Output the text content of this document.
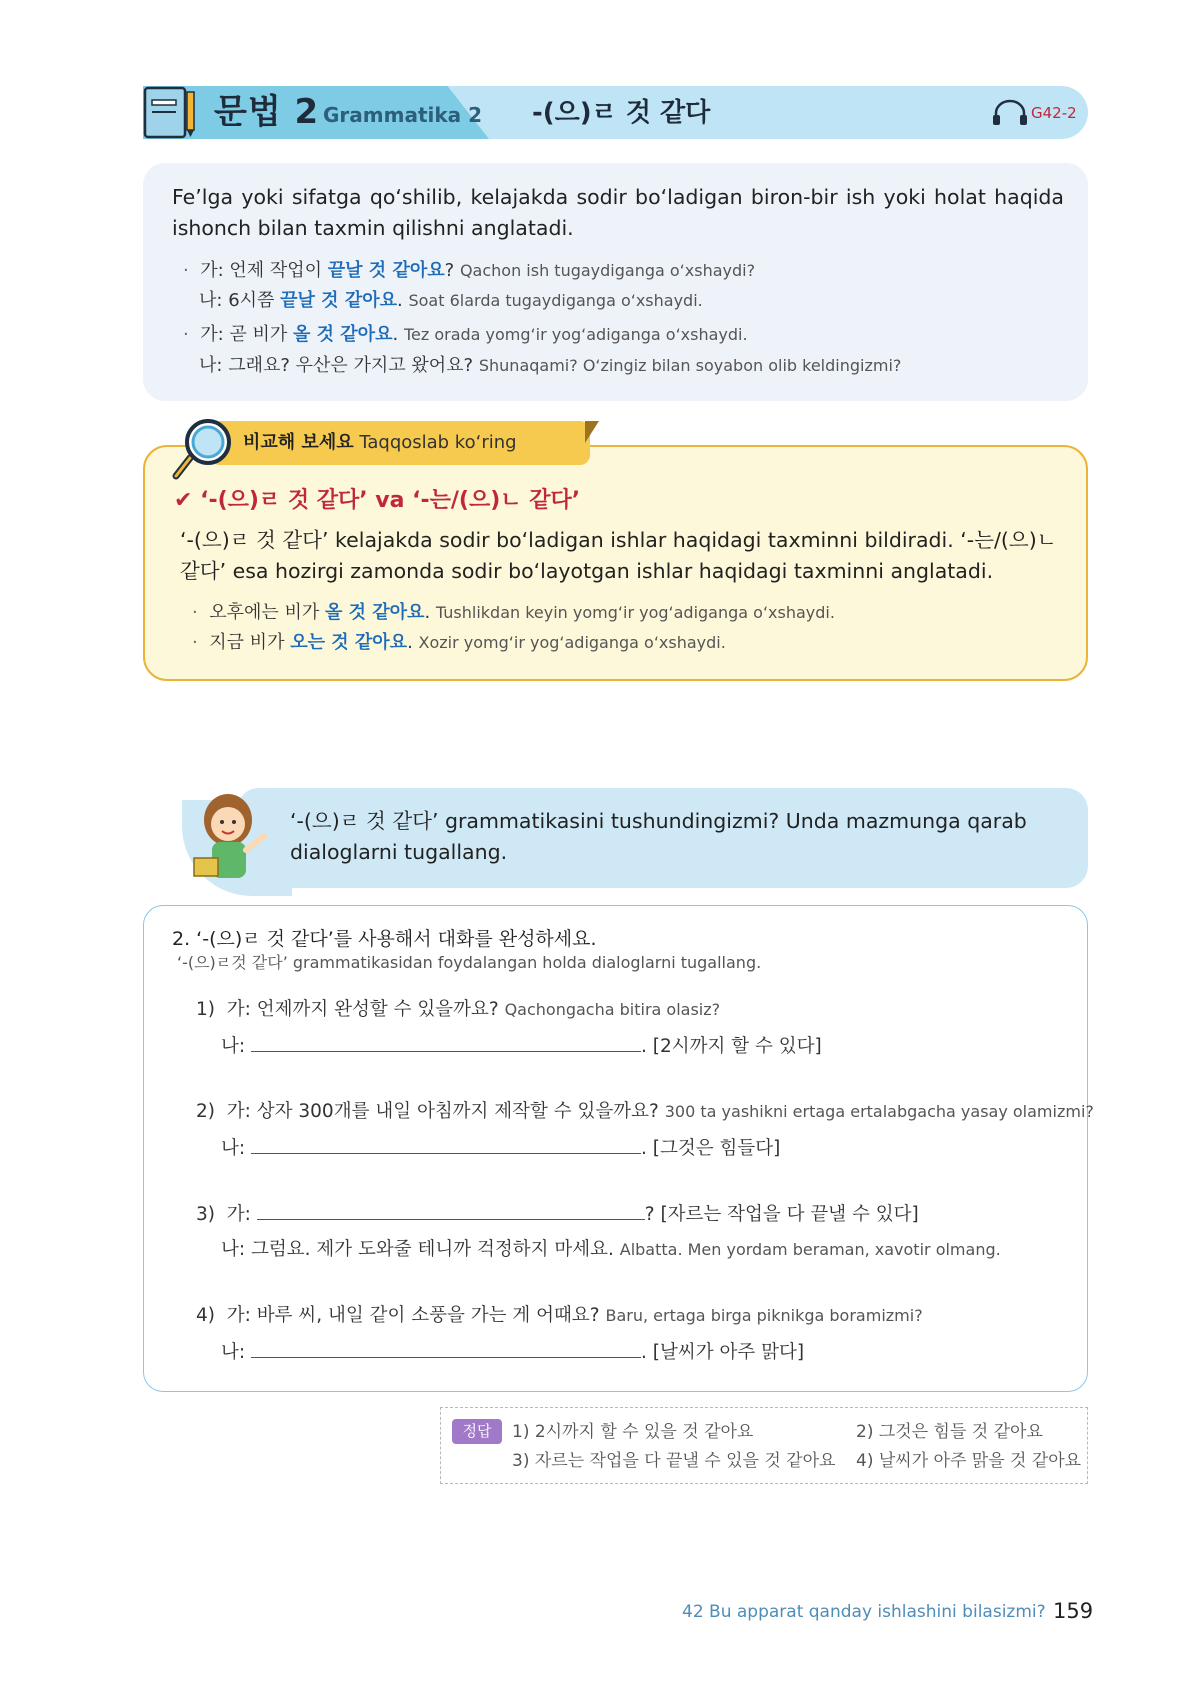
문법 2 Grammatika 2 -(으)ㄹ 것 같다	G42-2
Fe’lga yoki sifatga qo‘shilib, kelajakda sodir bo‘ladigan biron-bir ish yoki holat haqida ishonch bilan taxmin qilishni anglatadi.
· 가: 언제 작업이 끝날 것 같아요? Qachon ish tugaydiganga o‘xshaydi?
나: 6시쯤 끝날 것 같아요. Soat 6larda tugaydiganga o‘xshaydi.
· 가: 곧 비가 올 것 같아요. Tez orada yomg‘ir yog‘adiganga o‘xshaydi.
나: 그래요? 우산은 가지고 왔어요? Shunaqami? O‘zingiz bilan soyabon olib keldingizmi?
비교해 보세요 Taqqoslab ko‘ring
✔ ‘-(으)ㄹ 것 같다’ va ‘-는/(으)ㄴ 같다’
‘-(으)ㄹ 것 같다’ kelajakda sodir bo‘ladigan ishlar haqidagi taxminni bildiradi. ‘-는/(으)ㄴ 같다’ esa hozirgi zamonda sodir bo‘layotgan ishlar haqidagi taxminni anglatadi.
· 오후에는 비가 올 것 같아요. Tushlikdan keyin yomg‘ir yog‘adiganga o‘xshaydi.
· 지금 비가 오는 것 같아요. Xozir yomg‘ir yog‘adiganga o‘xshaydi.
‘-(으)ㄹ 것 같다’ grammatikasini tushundingizmi? Unda mazmunga qarab dialoglarni tugallang.
2. ‘-(으)ㄹ 것 같다’를 사용해서 대화를 완성하세요.
‘-(으)ㄹ것 같다’ grammatikasidan foydalangan holda dialoglarni tugallang.
1) 가: 언제까지 완성할 수 있을까요? Qachongacha bitira olasiz?
나:	. [2시까지 할 수 있다]
2) 가: 상자 300개를 내일 아침까지 제작할 수 있을까요? 300 ta yashikni ertaga ertalabgacha yasay olamizmi?
나:	. [그것은 힘들다]
3) 가:	? [자르는 작업을 다 끝낼 수 있다]
나: 그럼요. 제가 도와줄 테니까 걱정하지 마세요. Albatta. Men yordam beraman, xavotir olmang.
4) 가: 바루 씨, 내일 같이 소풍을 가는 게 어때요? Baru, ertaga birga piknikga boramizmi?
나:	. [날씨가 아주 맑다]
정답	1) 2시까지 할 수 있을 것 같아요	2) 그것은 힘들 것 같아요
3) 자르는 작업을 다 끝낼 수 있을 것 같아요 4) 날씨가 아주 맑을 것 같아요
42 Bu apparat qanday ishlashini bilasizmi? 159
